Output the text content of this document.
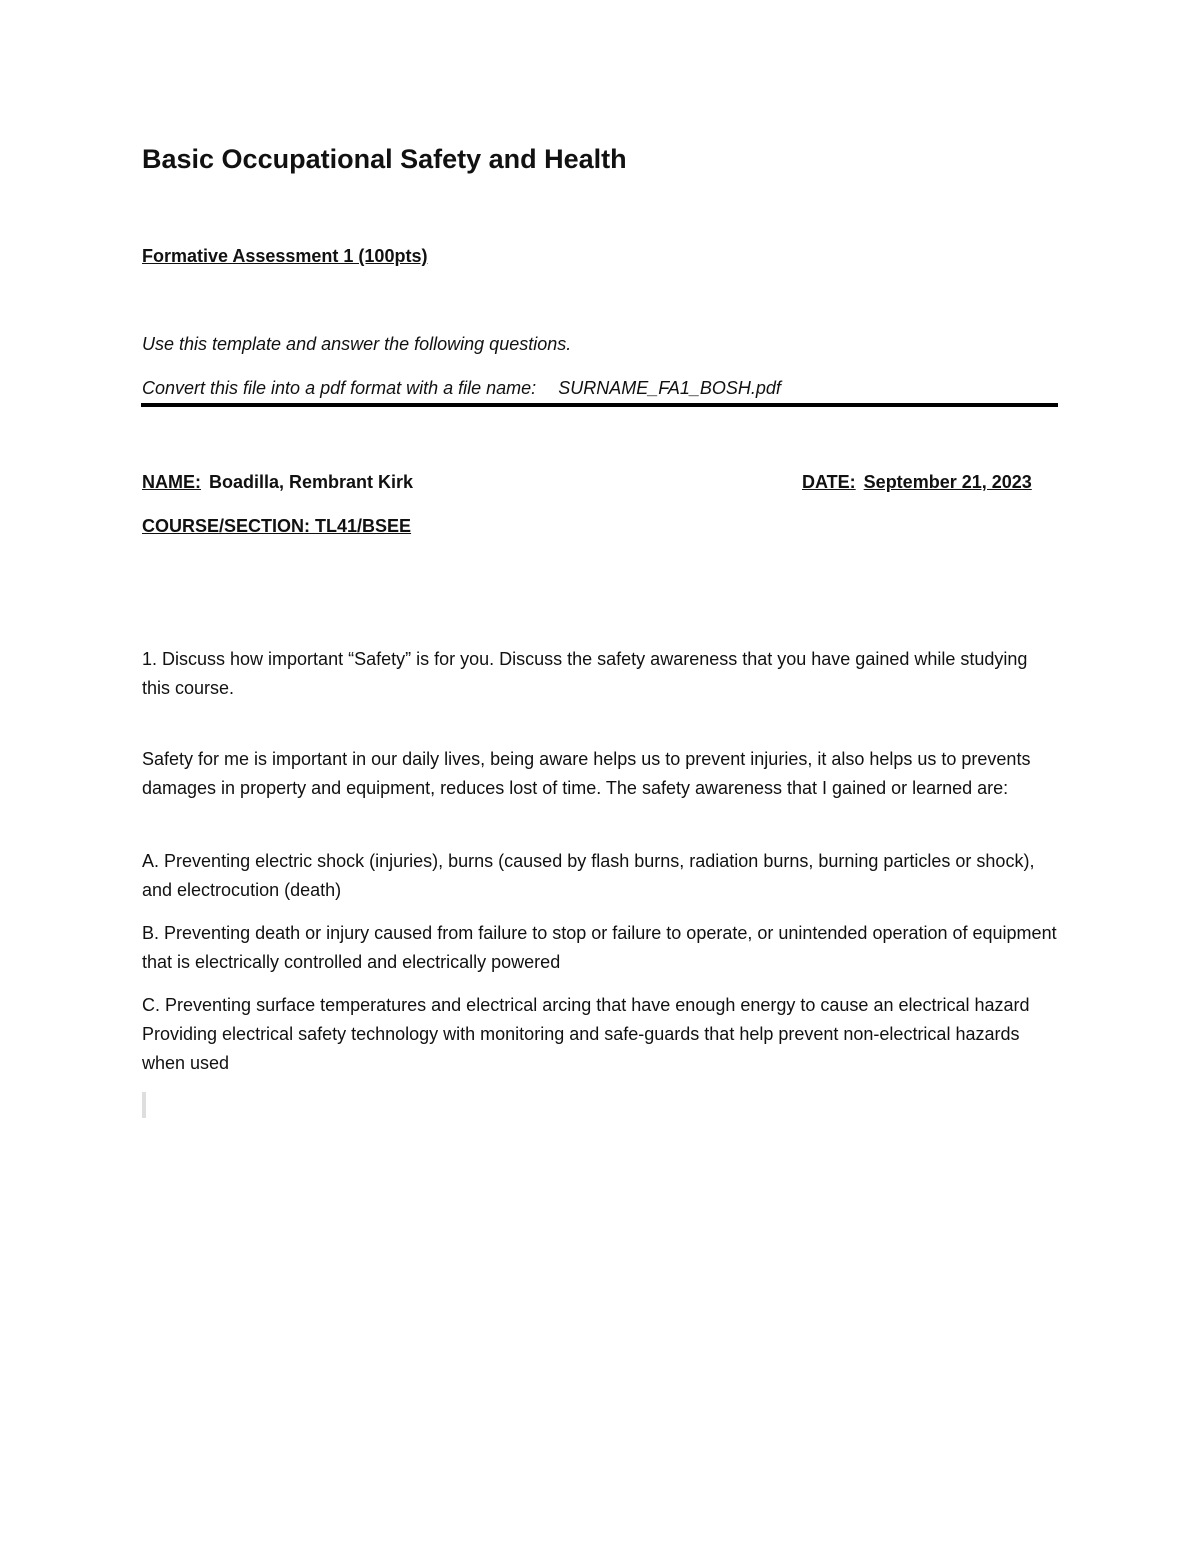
Basic Occupational Safety and Health
Formative Assessment 1 (100pts)
Use this template and answer the following questions.
Convert this file into a pdf format with a file name: SURNAME_FA1_BOSH.pdf
NAME: Boadilla, Rembrant Kirk	DATE: September 21, 2023
COURSE/SECTION: TL41/BSEE
1. Discuss how important “Safety” is for you. Discuss the safety awareness that you have gained while studying this course.
Safety for me is important in our daily lives, being aware helps us to prevent injuries, it also helps us to prevents damages in property and equipment, reduces lost of time. The safety awareness that I gained or learned are:
A. Preventing electric shock (injuries), burns (caused by flash burns, radiation burns, burning particles or shock), and electrocution (death)
B. Preventing death or injury caused from failure to stop or failure to operate, or unintended operation of equipment that is electrically controlled and electrically powered
C. Preventing surface temperatures and electrical arcing that have enough energy to cause an electrical hazard Providing electrical safety technology with monitoring and safe-guards that help prevent non-electrical hazards when used
